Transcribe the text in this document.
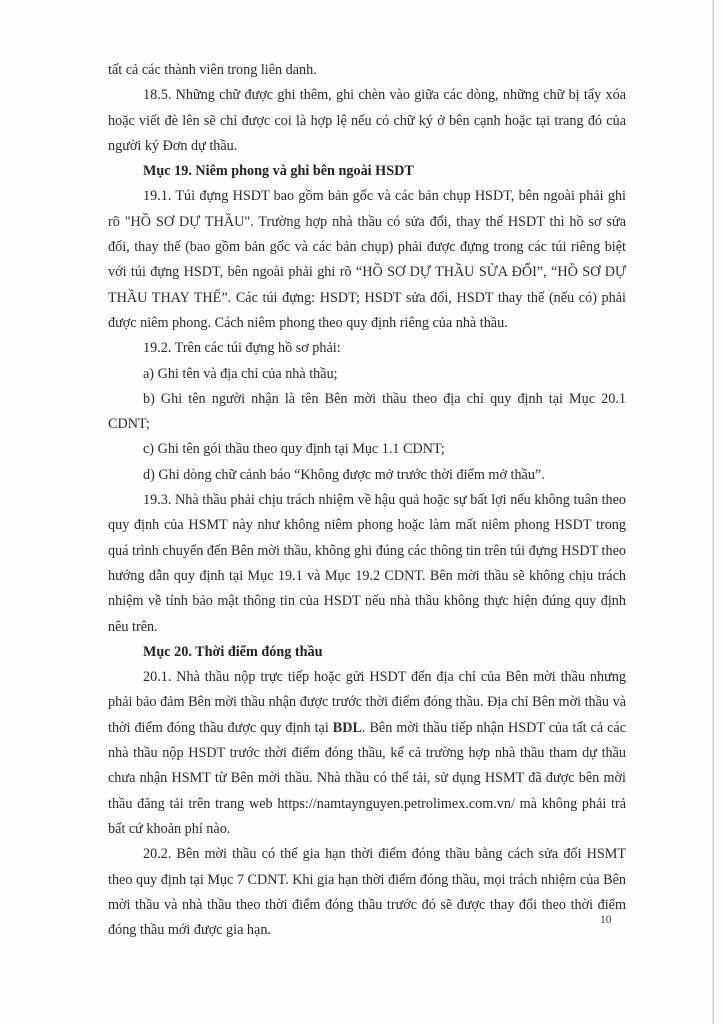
tất cả các thành viên trong liên danh.

18.5. Những chữ được ghi thêm, ghi chèn vào giữa các dòng, những chữ bị tẩy xóa hoặc viết đè lên sẽ chỉ được coi là hợp lệ nếu có chữ ký ở bên cạnh hoặc tại trang đó của người ký Đơn dự thầu.

Mục 19. Niêm phong và ghi bên ngoài HSDT

19.1. Túi đựng HSDT bao gồm bản gốc và các bản chụp HSDT, bên ngoài phải ghi rõ "HỒ SƠ DỰ THẦU". Trường hợp nhà thầu có sửa đổi, thay thế HSDT thì hồ sơ sửa đổi, thay thế (bao gồm bản gốc và các bản chụp) phải được đựng trong các túi riêng biệt với túi đựng HSDT, bên ngoài phải ghi rõ “HỒ SƠ DỰ THẦU SỬA ĐỔI”, “HỒ SƠ DỰ THẦU THAY THẾ”. Các túi đựng: HSDT; HSDT sửa đổi, HSDT thay thế (nếu có) phải được niêm phong. Cách niêm phong theo quy định riêng của nhà thầu.

19.2. Trên các túi đựng hồ sơ phải:

a) Ghi tên và địa chỉ của nhà thầu;

b) Ghi tên người nhận là tên Bên mời thầu theo địa chỉ quy định tại Mục 20.1 CDNT;

c) Ghi tên gói thầu theo quy định tại Mục 1.1 CDNT;

d) Ghi dòng chữ cảnh báo “Không được mở trước thời điểm mở thầu”.

19.3. Nhà thầu phải chịu trách nhiệm về hậu quả hoặc sự bất lợi nếu không tuân theo quy định của HSMT này như không niêm phong hoặc làm mất niêm phong HSDT trong quá trình chuyển đến Bên mời thầu, không ghi đúng các thông tin trên túi đựng HSDT theo hướng dẫn quy định tại Mục 19.1 và Mục 19.2 CDNT. Bên mời thầu sẽ không chịu trách nhiệm về tính bảo mật thông tin của HSDT nếu nhà thầu không thực hiện đúng quy định nêu trên.

Mục 20. Thời điểm đóng thầu

20.1. Nhà thầu nộp trực tiếp hoặc gửi HSDT đến địa chỉ của Bên mời thầu nhưng phải bảo đảm Bên mời thầu nhận được trước thời điểm đóng thầu. Địa chỉ Bên mời thầu và thời điểm đóng thầu được quy định tại BDL. Bên mời thầu tiếp nhận HSDT của tất cả các nhà thầu nộp HSDT trước thời điểm đóng thầu, kể cả trường hợp nhà thầu tham dự thầu chưa nhận HSMT từ Bên mời thầu. Nhà thầu có thể tải, sử dụng HSMT đã được bên mời thầu đăng tải trên trang web https://namtaynguyen.petrolimex.com.vn/ mà không phải trả bất cứ khoản phí nào.

20.2. Bên mời thầu có thể gia hạn thời điểm đóng thầu bằng cách sửa đổi HSMT theo quy định tại Mục 7 CDNT. Khi gia hạn thời điểm đóng thầu, mọi trách nhiệm của Bên mời thầu và nhà thầu theo thời điểm đóng thầu trước đó sẽ được thay đổi theo thời điểm đóng thầu mới được gia hạn.

10
